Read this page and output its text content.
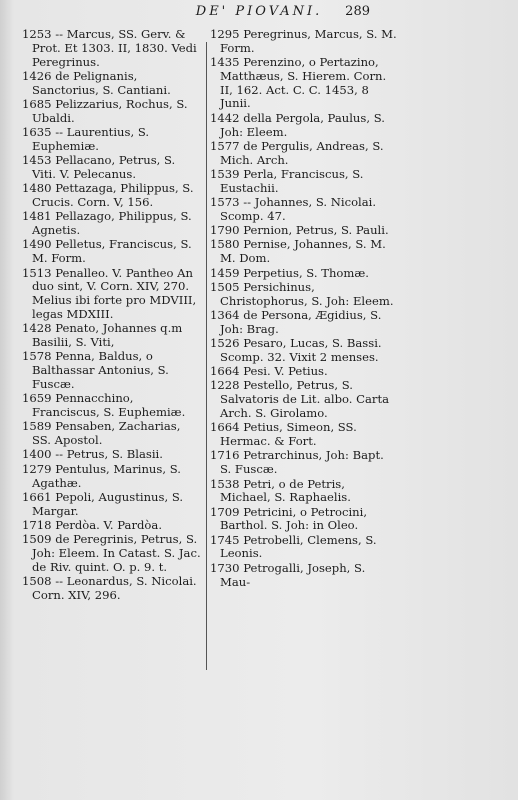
DE' PIOVANI.	289
1253 -- Marcus, SS. Gerv. & Prot. Et 1303. II, 1830. Vedi Peregrinus.
1426 de Pelignanis, Sanctorius, S. Cantiani.
1685 Pelizzarius, Rochus, S. Ubaldi.
1635 -- Laurentius, S. Euphemiæ.
1453 Pellacano, Petrus, S. Viti. V. Pelecanus.
1480 Pettazaga, Philippus, S. Crucis. Corn. V, 156.
1481 Pellazago, Philippus, S. Agnetis.
1490 Pelletus, Franciscus, S. M. Form.
1513 Penalleo. V. Pantheo An duo sint, V. Corn. XIV, 270. Melius ibi forte pro MDVIII, legas MDXIII.
1428 Penato, Johannes q.m Basilii, S. Viti,
1578 Penna, Baldus, o Balthassar Antonius, S. Fuscæ.
1659 Pennacchino, Franciscus, S. Euphemiæ.
1589 Pensaben, Zacharias, SS. Apostol.
1400 -- Petrus, S. Blasii.
1279 Pentulus, Marinus, S. Agathæ.
1661 Pepoli, Augustinus, S. Margar.
1718 Perdòa. V. Pardòa.
1509 de Peregrinis, Petrus, S. Joh: Eleem. In Catast. S. Jac. de Riv. quint. O. p. 9. t.
1508 -- Leonardus, S. Nicolai. Corn. XIV, 296.
1295 Peregrinus, Marcus, S. M. Form.
1435 Perenzino, o Pertazino, Matthæus, S. Hierem. Corn. II, 162. Act. C. C. 1453, 8 Junii.
1442 della Pergola, Paulus, S. Joh: Eleem.
1577 de Pergulis, Andreas, S. Mich. Arch.
1539 Perla, Franciscus, S. Eustachii.
1573 -- Johannes, S. Nicolai. Scomp. 47.
1790 Pernion, Petrus, S. Pauli.
1580 Pernise, Johannes, S. M. M. Dom.
1459 Perpetius, S. Thomæ.
1505 Persichinus, Christophorus, S. Joh: Eleem.
1364 de Persona, Ægidius, S. Joh: Brag.
1526 Pesaro, Lucas, S. Bassi. Scomp. 32. Vixit 2 menses.
1664 Pesi. V. Petius.
1228 Pestello, Petrus, S. Salvatoris de Lit. albo. Carta Arch. S. Girolamo.
1664 Petius, Simeon, SS. Hermac. & Fort.
1716 Petrarchinus, Joh: Bapt. S. Fuscæ.
1538 Petri, o de Petris, Michael, S. Raphaelis.
1709 Petricini, o Petrocini, Barthol. S. Joh: in Oleo.
1745 Petrobelli, Clemens, S. Leonis.
1730 Petrogalli, Joseph, S. Mau-
